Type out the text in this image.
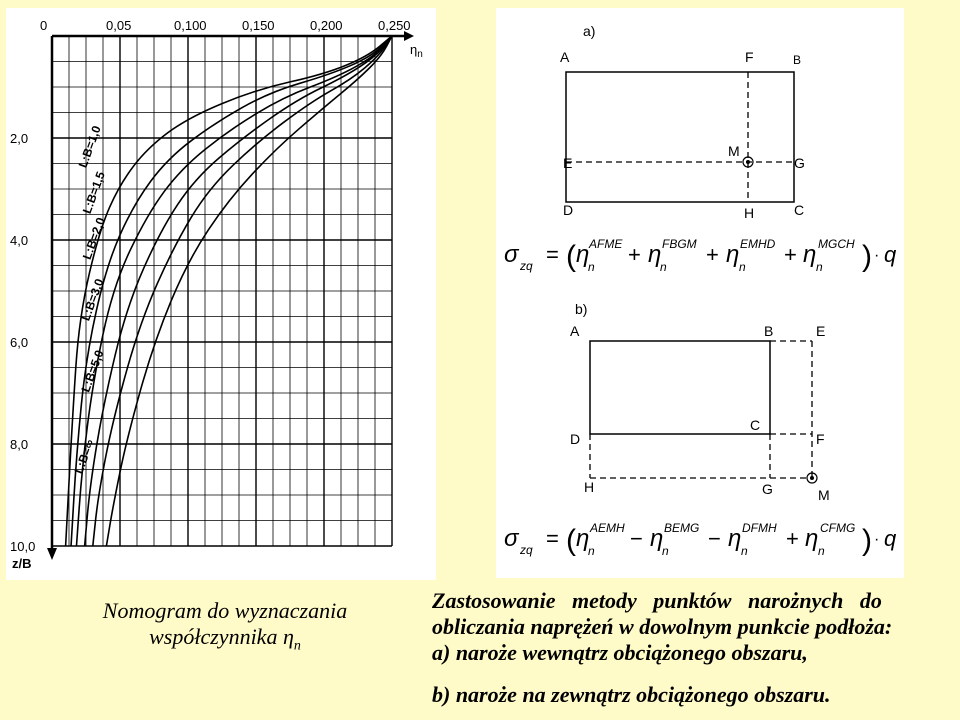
L:B=1,0
L:B=1,5
L:B=2,0
L:B=3,0
L:B=5,0
L:B=∞
0	0,05	0,100	0,150	0,200	0,250
2,0
4,0
6,0
8,0
10,0
$\eta_n$
z/B
a)
A	F	B
E
M
G
D	H	C
σ zq = ( η AFME
n + η FBGM
n + η EMHD
n + η MGCH
n ) · q
b)
A	B	E
D
C
F
H	G	M
σ zq = ( η AEMH
n − η BEMG
n − η DFMH
n + η CFMG
n ) · q
Nomogram do wyznaczania
współczynnika $\eta_n$
Zastosowanie   metody   punktów   narożnych   do
obliczania naprężeń w dowolnym punkcie podłoża:
a) naroże wewnątrz obciążonego obszaru,
b) naroże na zewnątrz obciążonego obszaru.
